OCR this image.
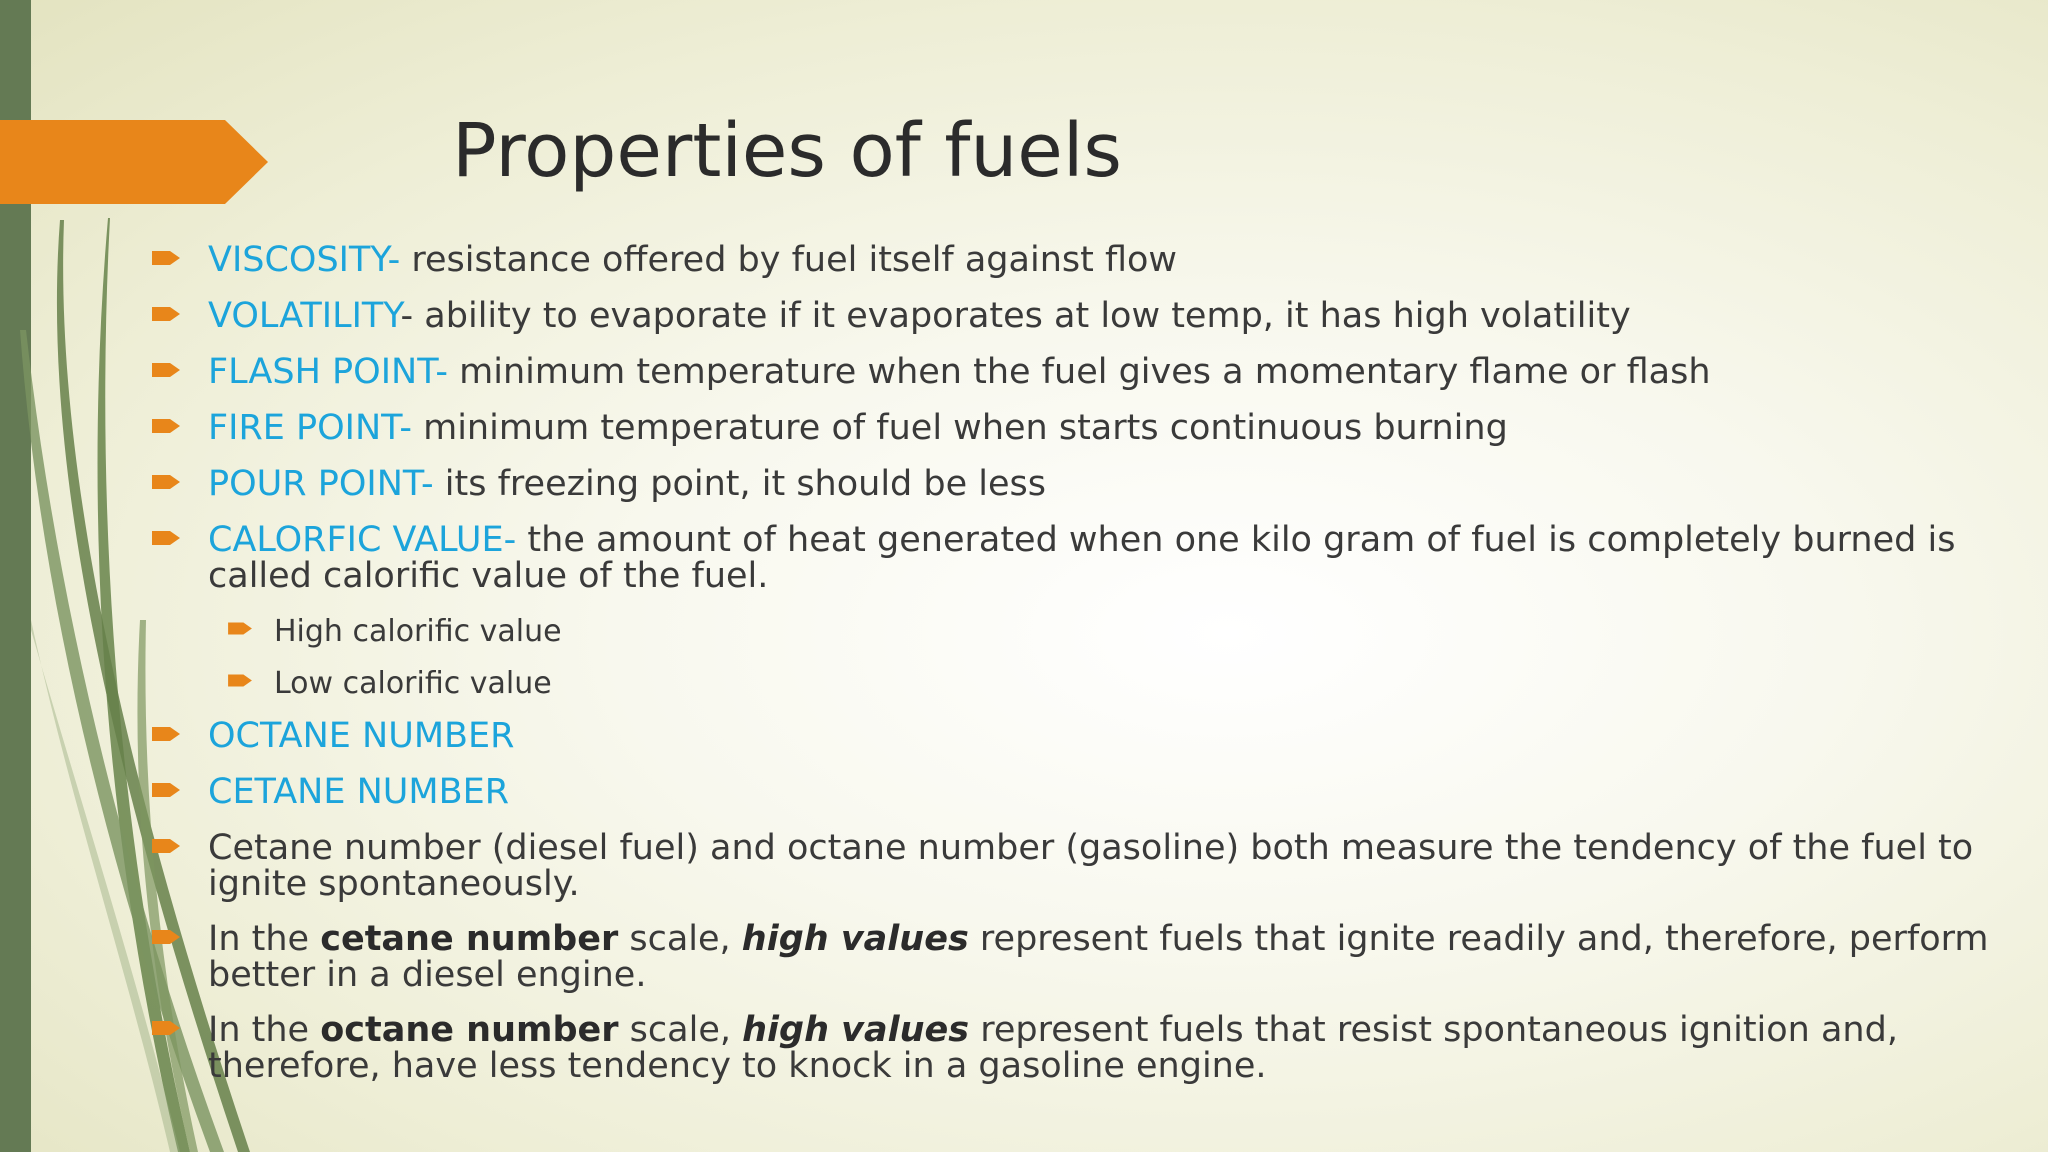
Properties of fuels
VISCOSITY- resistance offered by fuel itself against flow
VOLATILITY- ability to evaporate if it evaporates at low temp, it has high volatility
FLASH POINT- minimum temperature when the fuel gives a momentary flame or flash
FIRE POINT- minimum temperature of fuel when starts continuous burning
POUR POINT- its freezing point, it should be less
CALORFIC VALUE- the amount of heat generated when one kilo gram of fuel is completely burned is called calorific value of the fuel.
High calorific value
Low calorific value
OCTANE NUMBER
CETANE NUMBER
Cetane number (diesel fuel) and octane number (gasoline) both measure the tendency of the fuel to ignite spontaneously.
In the cetane number scale, high values represent fuels that ignite readily and, therefore, perform better in a diesel engine.
In the octane number scale, high values represent fuels that resist spontaneous ignition and, therefore, have less tendency to knock in a gasoline engine.
